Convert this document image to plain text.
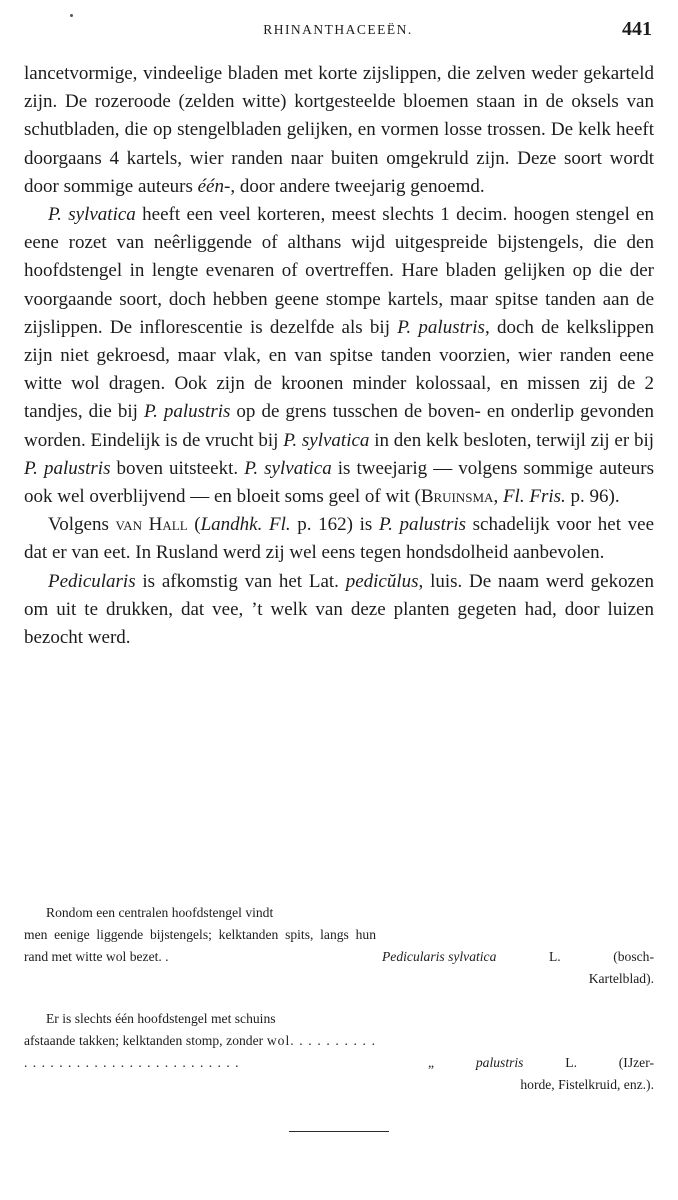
RHINANTHACEEËN.	441

lancetvormige, vindeelige bladen met korte zijslippen, die zelven weder gekarteld zijn. De rozeroode (zelden witte) kortgesteelde bloemen staan in de oksels van schutbladen, die op stengelbladen gelijken, en vormen losse trossen. De kelk heeft doorgaans 4 kartels, wier randen naar buiten omgekruld zijn. Deze soort wordt door sommige auteurs één-, door andere tweejarig genoemd.

P. sylvatica heeft een veel korteren, meest slechts 1 decim. hoogen stengel en eene rozet van neêrliggende of althans wijd uitgespreide bijstengels, die den hoofdstengel in lengte evenaren of overtreffen. Hare bladen gelijken op die der voorgaande soort, doch hebben geene stompe kartels, maar spitse tanden aan de zijslippen. De inflorescentie is dezelfde als bij P. palustris, doch de kelkslippen zijn niet gekroesd, maar vlak, en van spitse tanden voorzien, wier randen eene witte wol dragen. Ook zijn de kroonen minder kolossaal, en missen zij de 2 tandjes, die bij P. palustris op de grens tusschen de boven- en onderlip gevonden worden. Eindelijk is de vrucht bij P. sylvatica in den kelk besloten, terwijl zij er bij P. palustris boven uitsteekt. P. sylvatica is tweejarig — volgens sommige auteurs ook wel overblijvend — en bloeit soms geel of wit (Bruinsma, Fl. Fris. p. 96).

Volgens van Hall (Landhk. Fl. p. 162) is P. palustris schadelijk voor het vee dat er van eet. In Rusland werd zij wel eens tegen hondsdolheid aanbevolen.

Pedicularis is afkomstig van het Lat. pedicŭlus, luis. De naam werd gekozen om uit te drukken, dat vee, ’t welk van deze planten gegeten had, door luizen bezocht werd.

Rondom een centralen hoofdstengel vindt
men eenige liggende bijstengels; kelktanden spits, langs hun rand met witte wol bezet. .	Pedicularis sylvatica	L.	(bosch-
Kartelblad).
Er is slechts één hoofdstengel met schuins
afstaande takken; kelktanden stomp, zonder wol. . . . . . . . . . . . . . . . . . . . . . . . . . . . . . . . . . .	„	palustris	L.	(IJzer-
horde, Fistelkruid, enz.).
